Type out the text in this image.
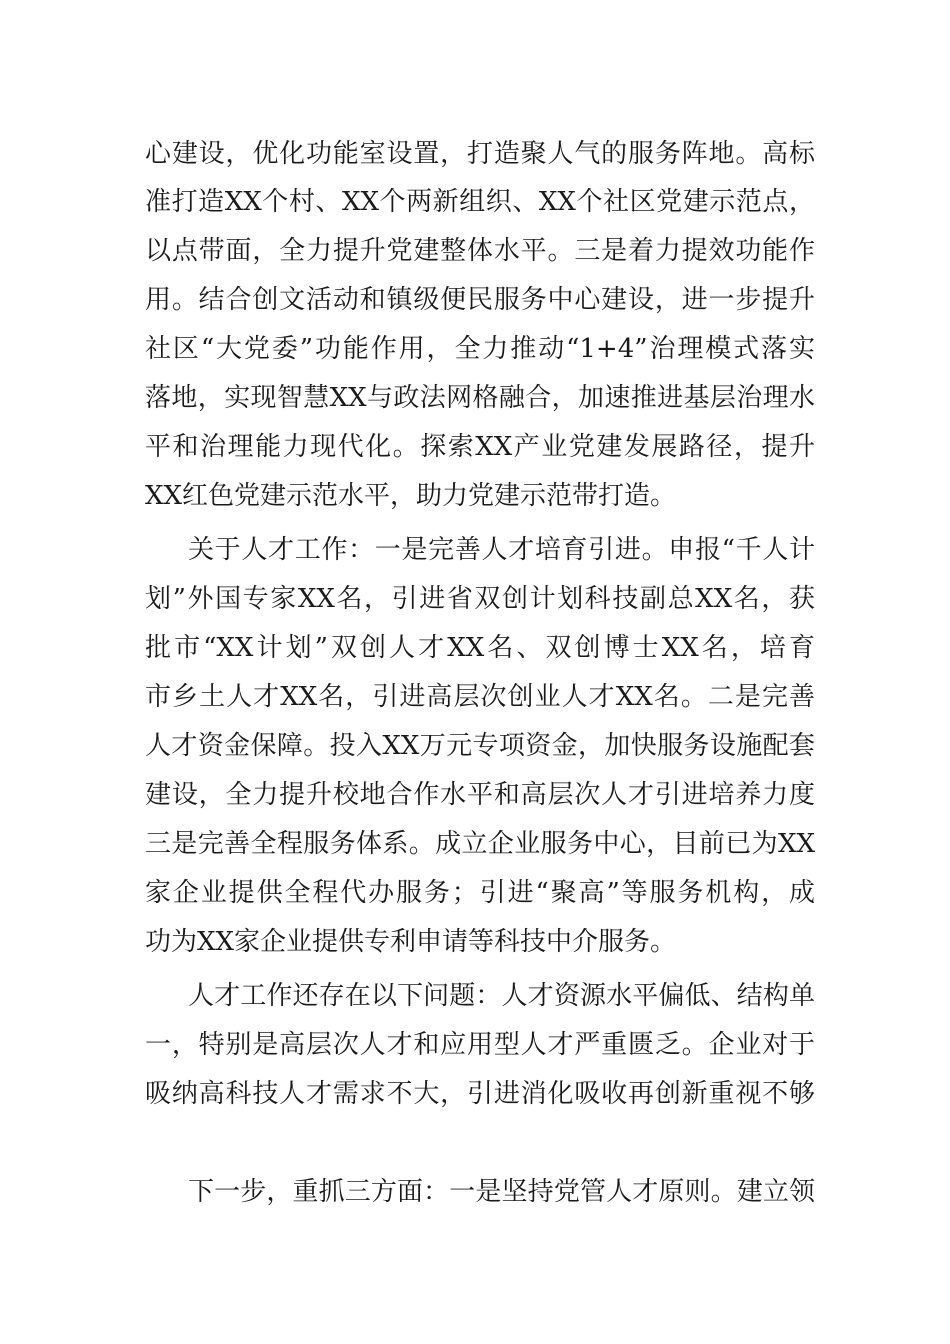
心建设，优化功能室设置，打造聚人气的服务阵地。高标
准打造XX个村、XX个两新组织、XX个社区党建示范点，
以点带面，全力提升党建整体水平。三是着力提效功能作
用。结合创文活动和镇级便民服务中心建设，进一步提升
社区“大党委”功能作用，全力推动“1+4”治理模式落实
落地，实现智慧XX与政法网格融合，加速推进基层治理水
平和治理能力现代化。探索XX产业党建发展路径，提升
XX红色党建示范水平，助力党建示范带打造。
关于人才工作：一是完善人才培育引进。申报“千人计
划”外国专家XX名，引进省双创计划科技副总XX名，获
批市“XX计划”双创人才XX名、双创博士XX名，培育
市乡土人才XX名，引进高层次创业人才XX名。二是完善
人才资金保障。投入XX万元专项资金，加快服务设施配套
建设，全力提升校地合作水平和高层次人才引进培养力度
三是完善全程服务体系。成立企业服务中心，目前已为XX
家企业提供全程代办服务；引进“聚高”等服务机构，成
功为XX家企业提供专利申请等科技中介服务。
人才工作还存在以下问题：人才资源水平偏低、结构单
一，特别是高层次人才和应用型人才严重匮乏。企业对于
吸纳高科技人才需求不大，引进消化吸收再创新重视不够
下一步，重抓三方面：一是坚持党管人才原则。建立领
